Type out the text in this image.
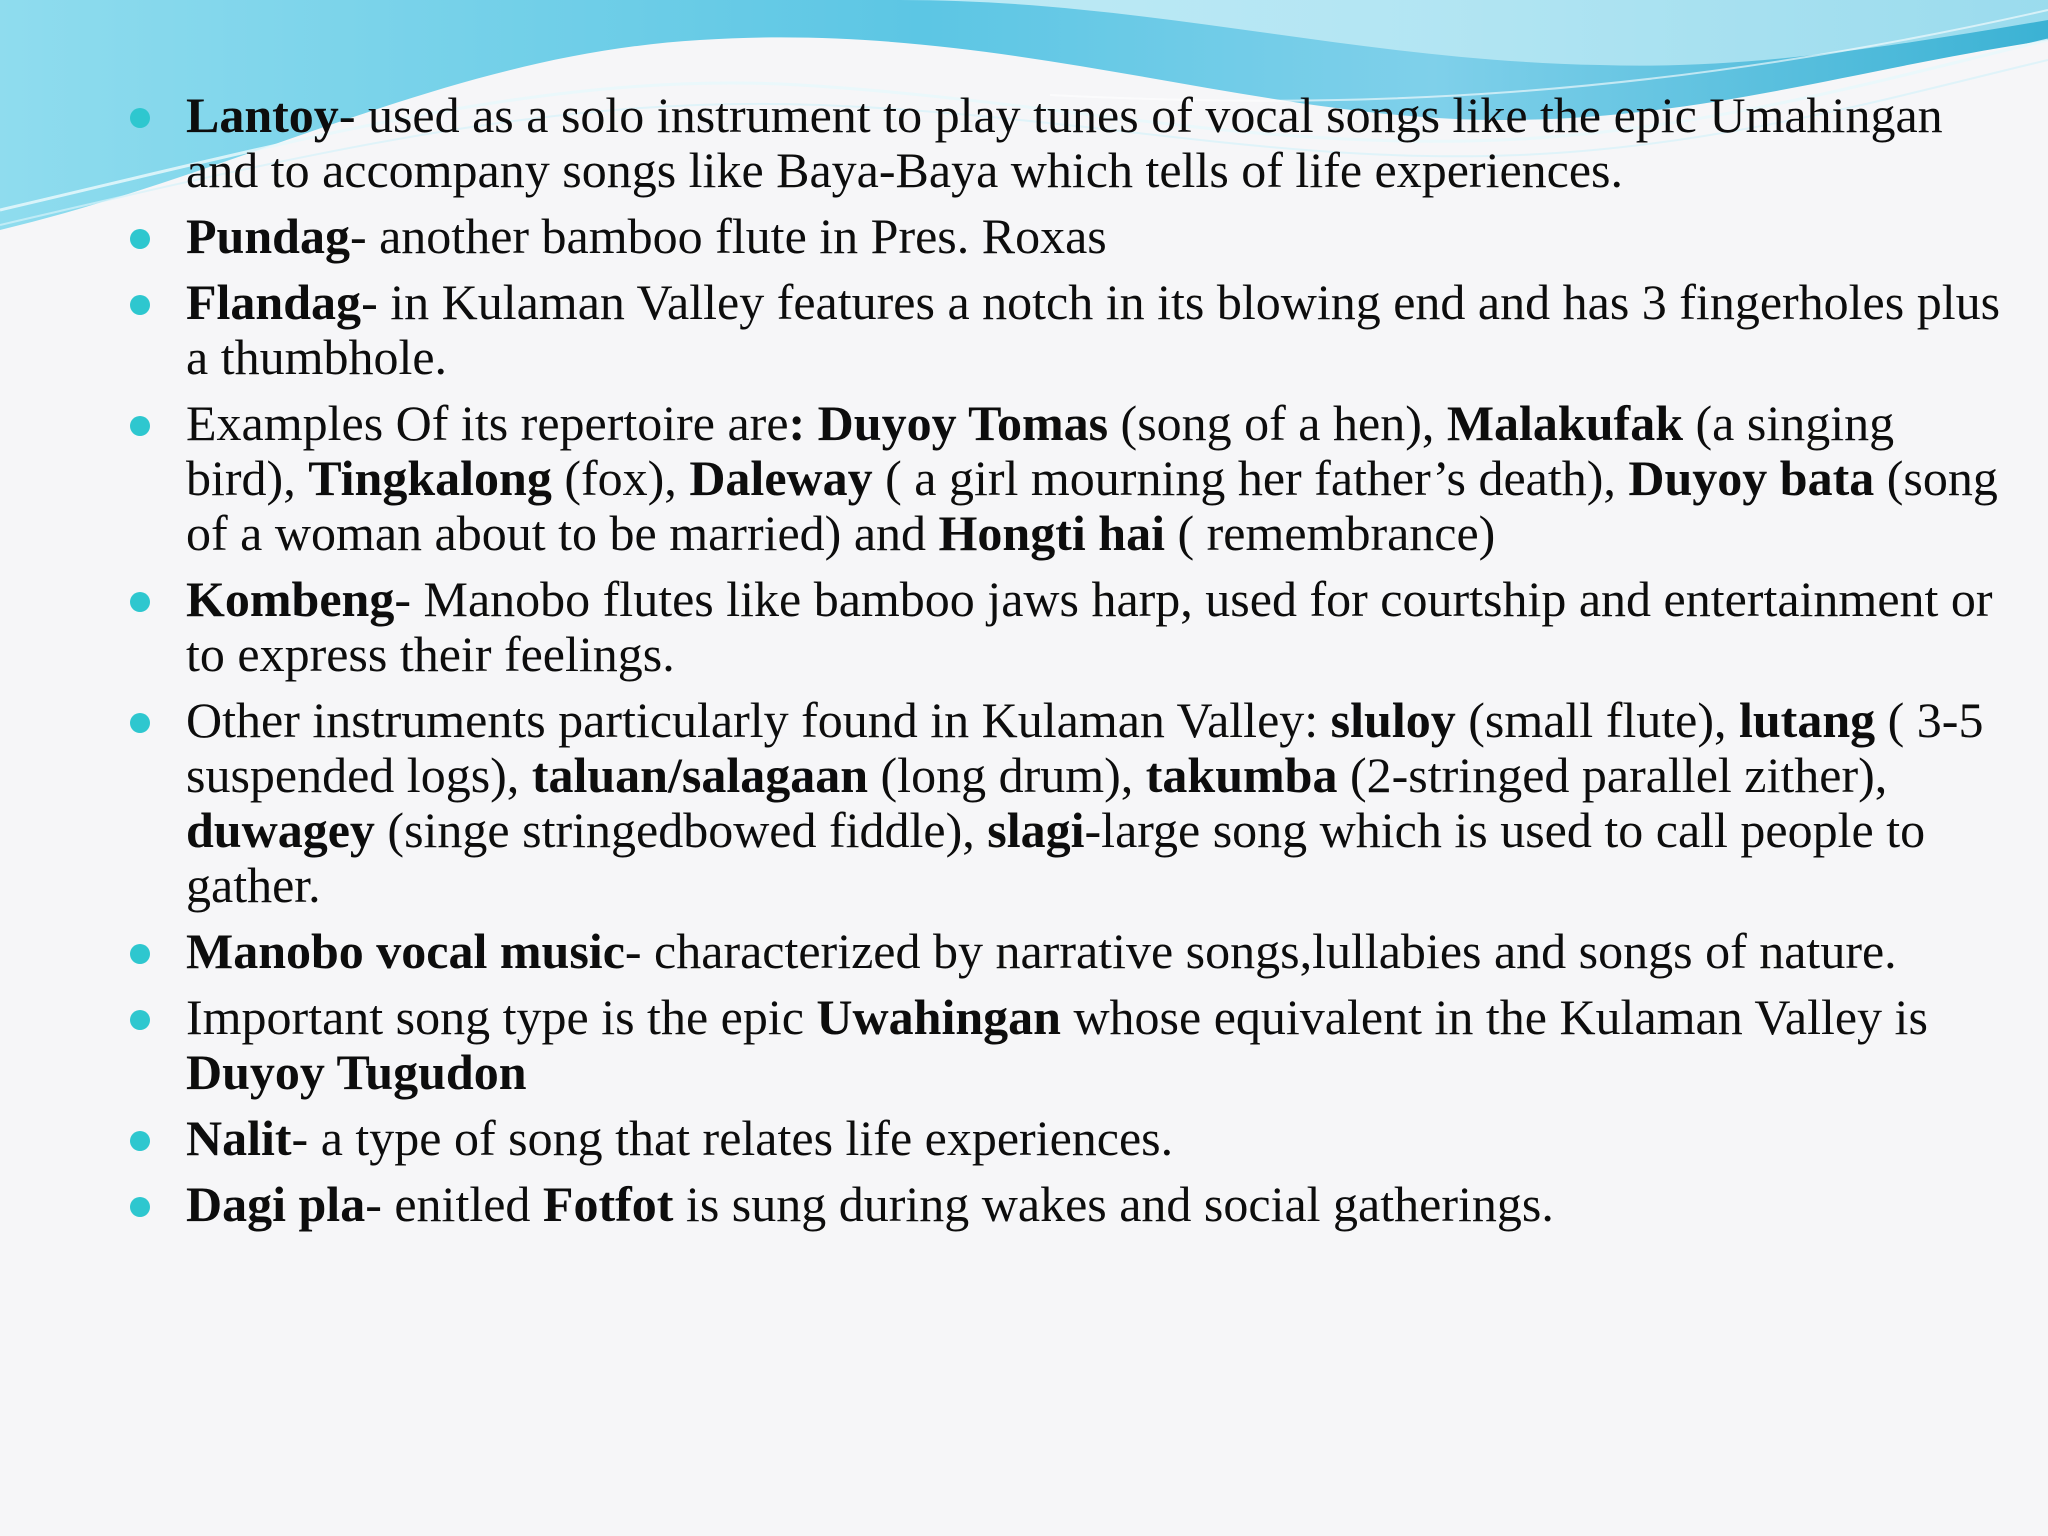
Lantoy- used as a solo instrument to play tunes of vocal songs like the epic Umahingan and to accompany songs like Baya-Baya which tells of life experiences.
Pundag- another bamboo flute in Pres. Roxas
Flandag- in Kulaman Valley features a notch in its blowing end and has 3 fingerholes plus a thumbhole.
Examples Of its repertoire are: Duyoy Tomas (song of a hen), Malakufak (a singing bird), Tingkalong (fox), Daleway ( a girl mourning her father’s death), Duyoy bata (song of a woman about to be married) and Hongti hai ( remembrance)
Kombeng- Manobo flutes like bamboo jaws harp, used for courtship and entertainment or to express their feelings.
Other instruments particularly found in Kulaman Valley: sluloy (small flute), lutang ( 3-5 suspended logs), taluan/salagaan (long drum), takumba (2-stringed parallel zither), duwagey (singe stringedbowed fiddle), slagi-large song which is used to call people to gather.
Manobo vocal music- characterized by narrative songs,lullabies and songs of nature.
Important song type is the epic Uwahingan whose equivalent in the Kulaman Valley is Duyoy Tugudon
Nalit- a type of song that relates life experiences.
Dagi pla- enitled Fotfot is sung during wakes and social gatherings.
